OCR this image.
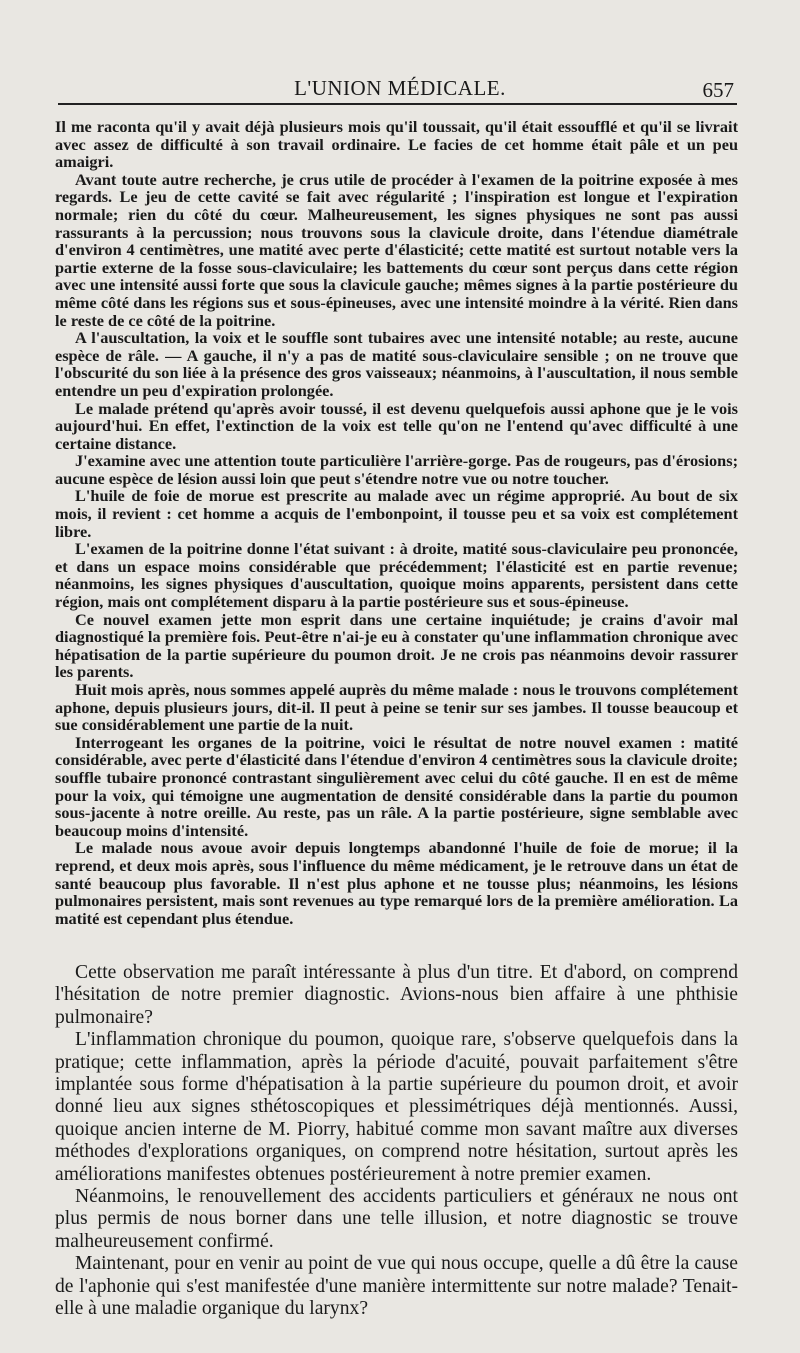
L'UNION MÉDICALE.	657

Il me raconta qu'il y avait déjà plusieurs mois qu'il toussait, qu'il était essoufflé et qu'il se livrait avec assez de difficulté à son travail ordinaire. Le facies de cet homme était pâle et un peu amaigri.

Avant toute autre recherche, je crus utile de procéder à l'examen de la poitrine exposée à mes regards. Le jeu de cette cavité se fait avec régularité ; l'inspiration est longue et l'expiration normale; rien du côté du cœur. Malheureusement, les signes physiques ne sont pas aussi rassurants à la percussion; nous trouvons sous la clavicule droite, dans l'étendue diamétrale d'environ 4 centimètres, une matité avec perte d'élasticité; cette matité est surtout notable vers la partie externe de la fosse sous-claviculaire; les battements du cœur sont perçus dans cette région avec une intensité aussi forte que sous la clavicule gauche; mêmes signes à la partie postérieure du même côté dans les régions sus et sous-épineuses, avec une intensité moindre à la vérité. Rien dans le reste de ce côté de la poitrine.

A l'auscultation, la voix et le souffle sont tubaires avec une intensité notable; au reste, aucune espèce de râle. — A gauche, il n'y a pas de matité sous-claviculaire sensible ; on ne trouve que l'obscurité du son liée à la présence des gros vaisseaux; néanmoins, à l'auscultation, il nous semble entendre un peu d'expiration prolongée.

Le malade prétend qu'après avoir toussé, il est devenu quelquefois aussi aphone que je le vois aujourd'hui. En effet, l'extinction de la voix est telle qu'on ne l'entend qu'avec difficulté à une certaine distance.

J'examine avec une attention toute particulière l'arrière-gorge. Pas de rougeurs, pas d'érosions; aucune espèce de lésion aussi loin que peut s'étendre notre vue ou notre toucher.

L'huile de foie de morue est prescrite au malade avec un régime approprié. Au bout de six mois, il revient : cet homme a acquis de l'embonpoint, il tousse peu et sa voix est complétement libre.

L'examen de la poitrine donne l'état suivant : à droite, matité sous-claviculaire peu prononcée, et dans un espace moins considérable que précédemment; l'élasticité est en partie revenue; néanmoins, les signes physiques d'auscultation, quoique moins apparents, persistent dans cette région, mais ont complétement disparu à la partie postérieure sus et sous-épineuse.

Ce nouvel examen jette mon esprit dans une certaine inquiétude; je crains d'avoir mal diagnostiqué la première fois. Peut-être n'ai-je eu à constater qu'une inflammation chronique avec hépatisation de la partie supérieure du poumon droit. Je ne crois pas néanmoins devoir rassurer les parents.

Huit mois après, nous sommes appelé auprès du même malade : nous le trouvons complétement aphone, depuis plusieurs jours, dit-il. Il peut à peine se tenir sur ses jambes. Il tousse beaucoup et sue considérablement une partie de la nuit.

Interrogeant les organes de la poitrine, voici le résultat de notre nouvel examen : matité considérable, avec perte d'élasticité dans l'étendue d'environ 4 centimètres sous la clavicule droite; souffle tubaire prononcé contrastant singulièrement avec celui du côté gauche. Il en est de même pour la voix, qui témoigne une augmentation de densité considérable dans la partie du poumon sous-jacente à notre oreille. Au reste, pas un râle. A la partie postérieure, signe semblable avec beaucoup moins d'intensité.

Le malade nous avoue avoir depuis longtemps abandonné l'huile de foie de morue; il la reprend, et deux mois après, sous l'influence du même médicament, je le retrouve dans un état de santé beaucoup plus favorable. Il n'est plus aphone et ne tousse plus; néanmoins, les lésions pulmonaires persistent, mais sont revenues au type remarqué lors de la première amélioration. La matité est cependant plus étendue.

Cette observation me paraît intéressante à plus d'un titre. Et d'abord, on comprend l'hésitation de notre premier diagnostic. Avions-nous bien affaire à une phthisie pulmonaire?

L'inflammation chronique du poumon, quoique rare, s'observe quelquefois dans la pratique; cette inflammation, après la période d'acuité, pouvait parfaitement s'être implantée sous forme d'hépatisation à la partie supérieure du poumon droit, et avoir donné lieu aux signes sthétoscopiques et plessimétriques déjà mentionnés. Aussi, quoique ancien interne de M. Piorry, habitué comme mon savant maître aux diverses méthodes d'explorations organiques, on comprend notre hésitation, surtout après les améliorations manifestes obtenues postérieurement à notre premier examen.

Néanmoins, le renouvellement des accidents particuliers et généraux ne nous ont plus permis de nous borner dans une telle illusion, et notre diagnostic se trouve malheureusement confirmé.

Maintenant, pour en venir au point de vue qui nous occupe, quelle a dû être la cause de l'aphonie qui s'est manifestée d'une manière intermittente sur notre malade? Tenait-elle à une maladie organique du larynx?
